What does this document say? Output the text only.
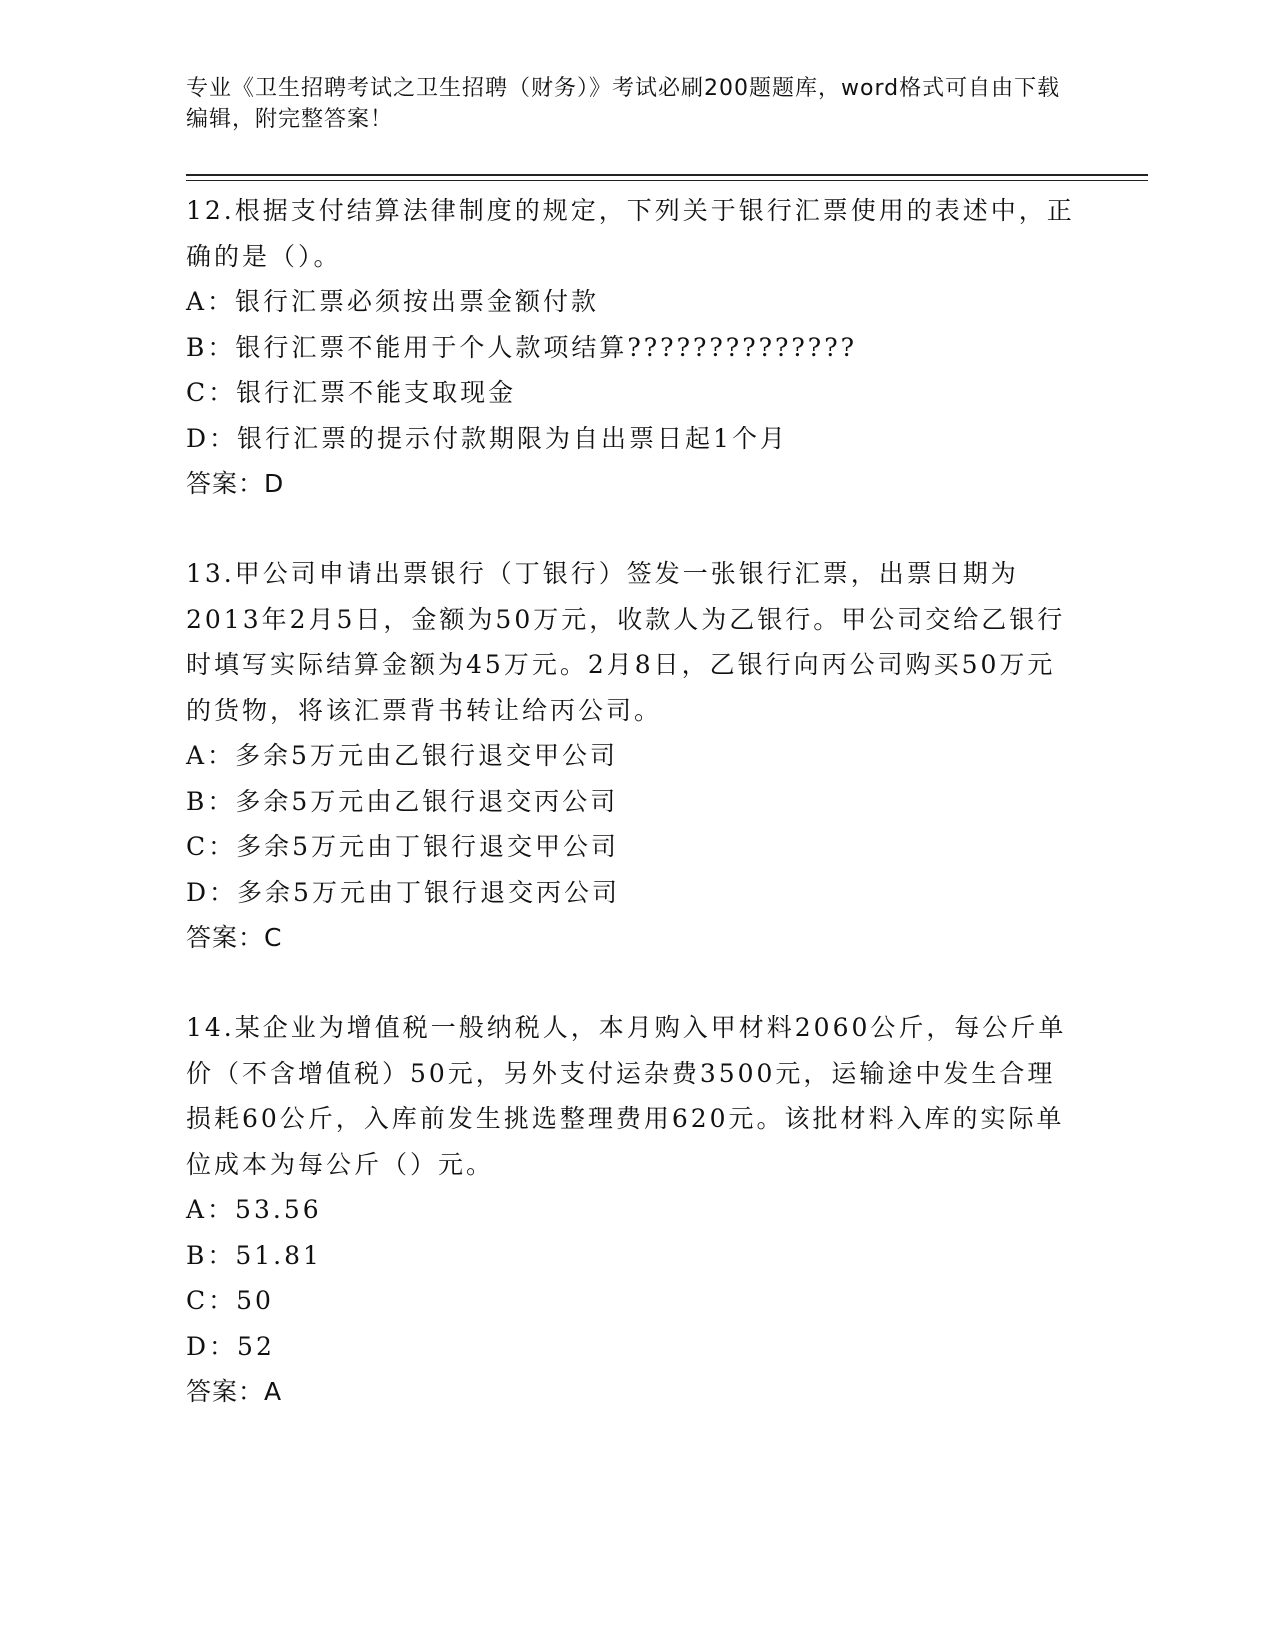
专业《卫生招聘考试之卫生招聘（财务）》考试必刷200题题库，word格式可自由下载编辑，附完整答案！
12.根据支付结算法律制度的规定，下列关于银行汇票使用的表述中，正确的是（）。
A：银行汇票必须按出票金额付款
B：银行汇票不能用于个人款项结算??????????????
C：银行汇票不能支取现金
D：银行汇票的提示付款期限为自出票日起1个月
答案：D
13.甲公司申请出票银行（丁银行）签发一张银行汇票，出票日期为2013年2月5日，金额为50万元，收款人为乙银行。甲公司交给乙银行时填写实际结算金额为45万元。2月8日，乙银行向丙公司购买50万元的货物，将该汇票背书转让给丙公司。
A：多余5万元由乙银行退交甲公司
B：多余5万元由乙银行退交丙公司
C：多余5万元由丁银行退交甲公司
D：多余5万元由丁银行退交丙公司
答案：C
14.某企业为增值税一般纳税人，本月购入甲材料2060公斤，每公斤单价（不含增值税）50元，另外支付运杂费3500元，运输途中发生合理损耗60公斤，入库前发生挑选整理费用620元。该批材料入库的实际单位成本为每公斤（）元。
A：53.56
B：51.81
C：50
D：52
答案：A
